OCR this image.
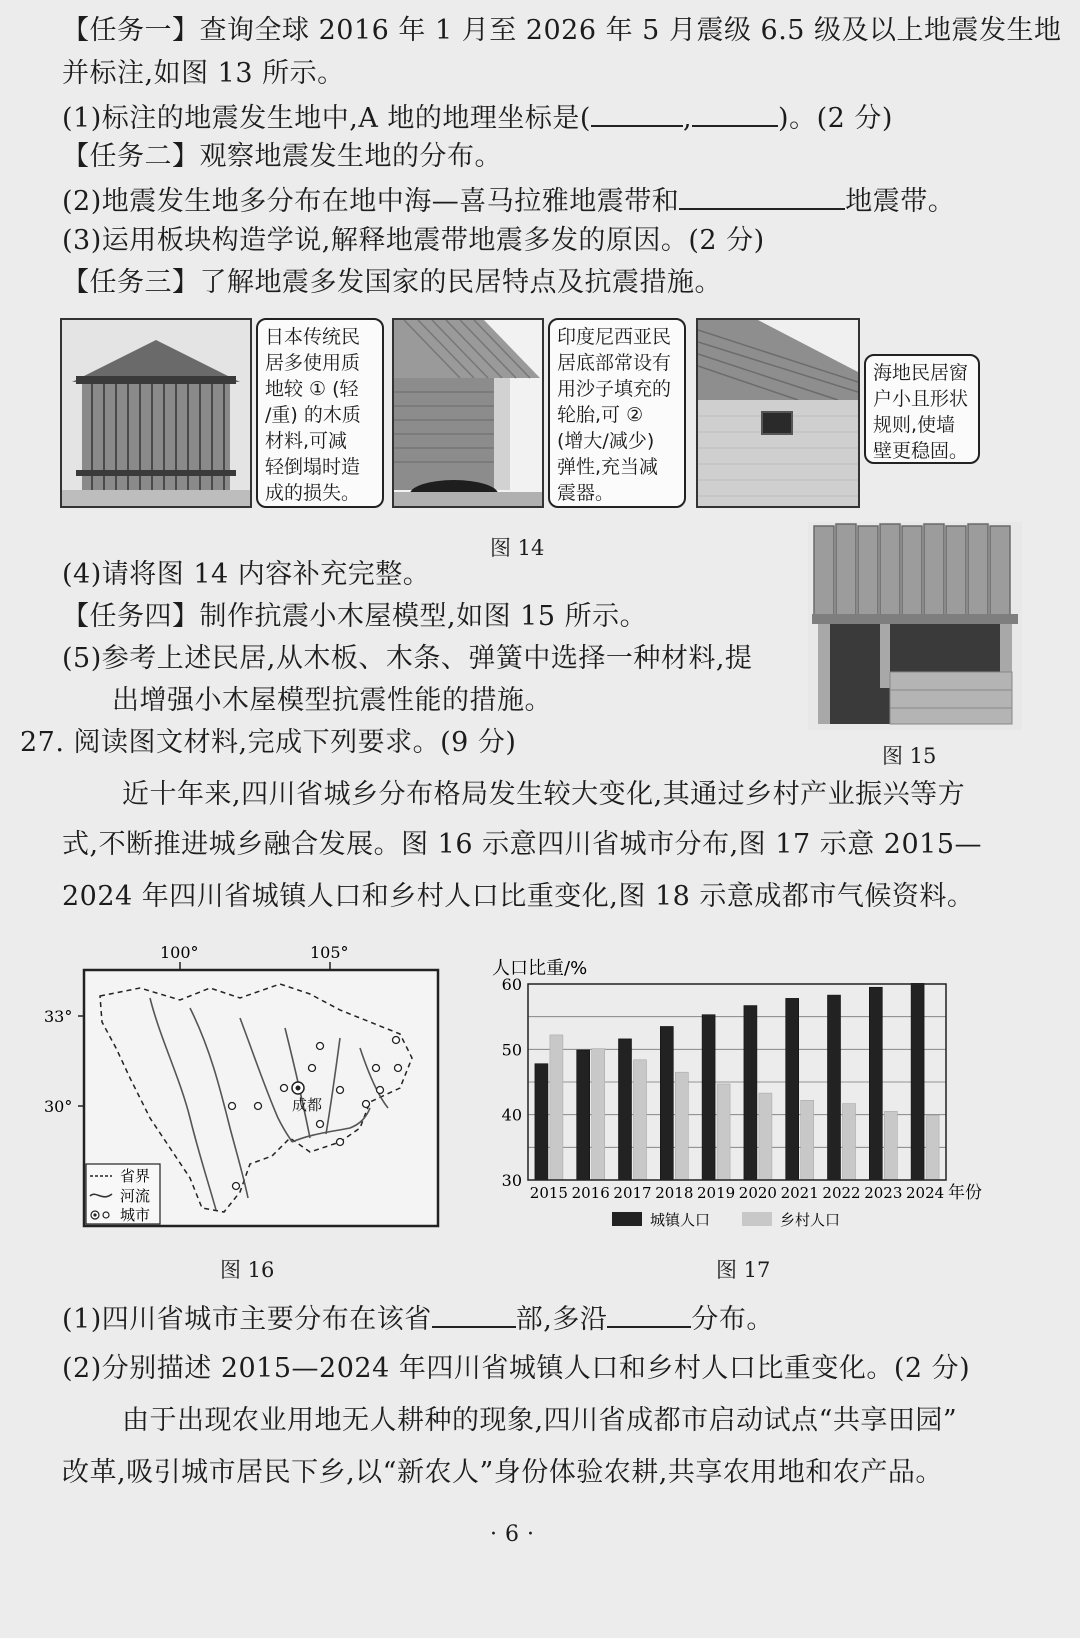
【任务一】查询全球 2016 年 1 月至 2026 年 5 月震级 6.5 级及以上地震发生地
并标注,如图 13 所示。
(1)标注的地震发生地中,A 地的地理坐标是(	,	)。(2 分)
【任务二】观察地震发生地的分布。
(2)地震发生地多分布在地中海—喜马拉雅地震带和	地震带。
(3)运用板块构造学说,解释地震带地震多发的原因。(2 分)
【任务三】了解地震多发国家的民居特点及抗震措施。
日本传统民
居多使用质
地较 ① (轻
/重) 的木质
材料,可减
轻倒塌时造
成的损失。
印度尼西亚民
居底部常设有
用沙子填充的
轮胎,可 ②
(增大/减少)
弹性,充当减
震器。
海地民居窗
户小且形状
规则,使墙
壁更稳固。
图 14
(4)请将图 14 内容补充完整。
【任务四】制作抗震小木屋模型,如图 15 所示。
(5)参考上述民居,从木板、木条、弹簧中选择一种材料,提
出增强小木屋模型抗震性能的措施。
图 15
27. 阅读图文材料,完成下列要求。(9 分)
近十年来,四川省城乡分布格局发生较大变化,其通过乡村产业振兴等方
式,不断推进城乡融合发展。图 16 示意四川省城市分布,图 17 示意 2015—
2024 年四川省城镇人口和乡村人口比重变化,图 18 示意成都市气候资料。
成都
100°	105°
33°
30°
省界
河流
城市
图 16
人口比重/%
30
40
50
60
2015 2016 2017 2018 2019 2020 2021 2022 2023 2024 年份
城镇人口	乡村人口
图 17
(1)四川省城市主要分布在该省	部,多沿	分布。
(2)分别描述 2015—2024 年四川省城镇人口和乡村人口比重变化。(2 分)
由于出现农业用地无人耕种的现象,四川省成都市启动试点“共享田园”
改革,吸引城市居民下乡,以“新农人”身份体验农耕,共享农用地和农产品。
· 6 ·
